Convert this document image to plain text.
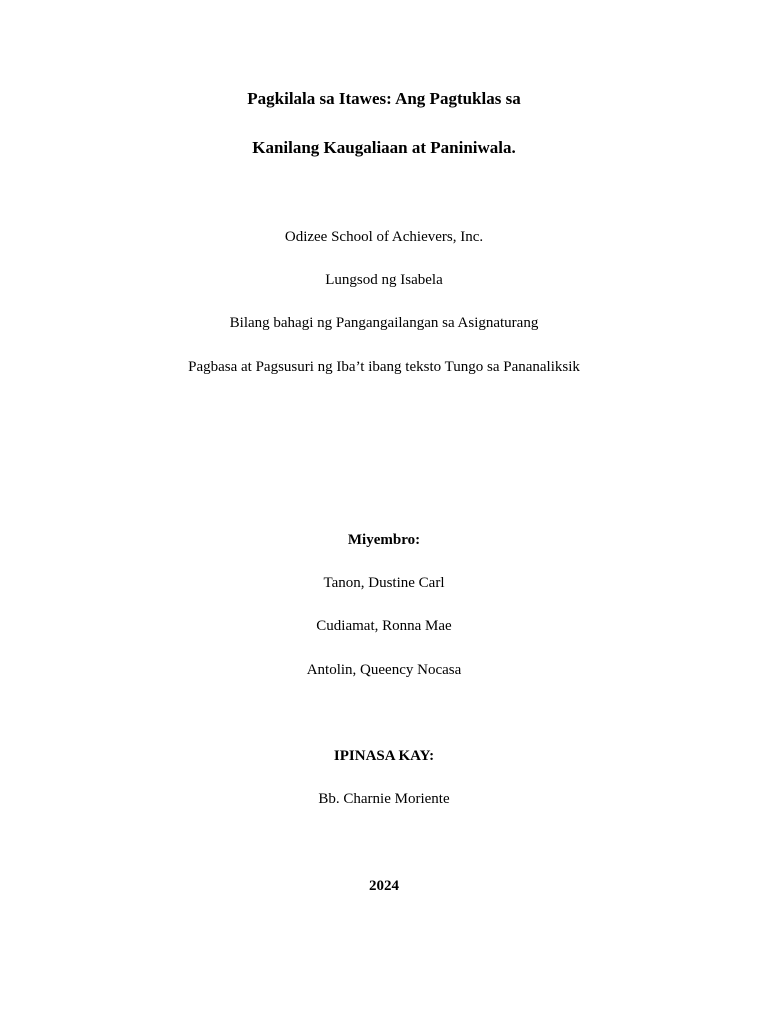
Pagkilala sa Itawes: Ang Pagtuklas sa
Kanilang Kaugaliaan at Paniniwala.
Odizee School of Achievers, Inc.
Lungsod ng Isabela
Bilang bahagi ng Pangangailangan sa Asignaturang
Pagbasa at Pagsusuri ng Iba’t ibang teksto Tungo sa Pananaliksik
Miyembro:
Tanon, Dustine Carl
Cudiamat, Ronna Mae
Antolin, Queency Nocasa
IPINASA KAY:
Bb. Charnie Moriente
2024
